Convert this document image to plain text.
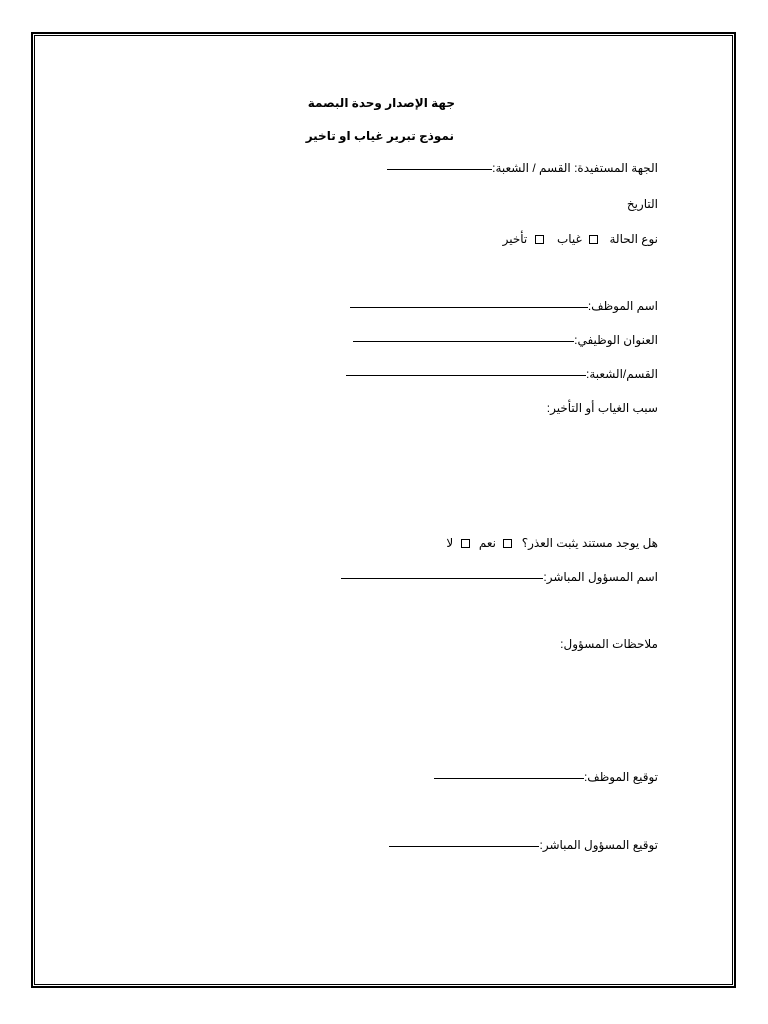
جهة الإصدار وحدة البصمة
نموذج تبرير غياب او تاخير
الجهة المستفيدة: القسم / الشعبة:
التاريخ
نوع الحالة  غياب  تأخير
اسم الموظف:
العنوان الوظيفي:
القسم/الشعبة:
سبب الغياب أو التأخير:
هل يوجد مستند يثبت العذر؟  نعم  لا
اسم المسؤول المباشر:
ملاحظات المسؤول:
توقيع الموظف:
توقيع المسؤول المباشر:
